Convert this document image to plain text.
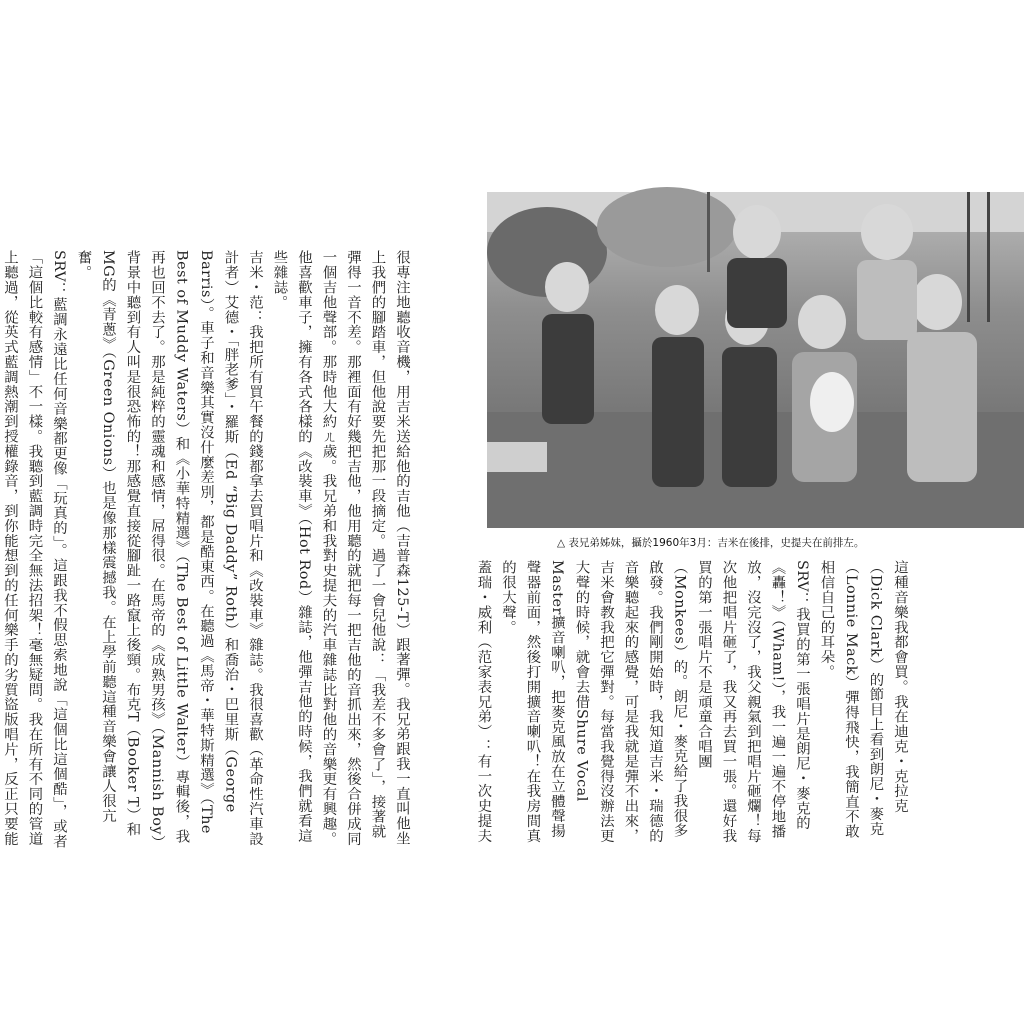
很專注地聽收音機，用吉米送給他的吉他（吉普森125-T）跟著彈。我兄弟跟我一直叫他坐上我們的腳踏車，但他說要先把那一段摘定。過了一會兒他說：「我差不多會了」，接著就彈得一音不差。那裡面有好幾把吉他，他用聽的就把每一把吉他的音抓出來，然後合併成同一個吉他聲部。那時他大約ㄦ歲。我兄弟和我對史提夫的汽車雜誌比對他的音樂更有興趣。他喜歡車子，擁有各式各樣的《改裝車》（Hot Rod）雜誌，他彈吉他的時候，我們就看這些雜誌。

吉米・范：我把所有買午餐的錢都拿去買唱片和《改裝車》雜誌。我很喜歡（革命性汽車設計者）艾德・「胖老爹」・羅斯（Ed “Big Daddy” Roth）和喬治・巴里斯（George Barris）。車子和音樂其實沒什麼差別，都是酷東西。在聽過《馬帝・華特斯精選》（The Best of Muddy Waters）和《小華特精選》（The Best of Little Walter）專輯後，我再也回不去了。那是純粹的靈魂和感情，屌得很。在馬帝的《成熟男孩》（Mannish Boy）背景中聽到有人叫是很恐怖的！那感覺直接從腳趾一路竄上後頸。布克T（Booker T）和MG的《青蔥》（Green Onions）也是像那樣震撼我。在上學前聽這種音樂會讓人很亢奮。

SRV：藍調永遠比任何音樂都更像「玩真的」。這跟我不假思索地說「這個比這個酷」，或者「這個比較有感情」不一樣。我聽到藍調時完全無法招架！毫無疑問。我在所有不同的管道上聽過，從英式藍調熱潮到授權錄音，到你能想到的任何樂手的劣質盜版唱片，反正只要能

△ 表兄弟姊妹，攝於1960年3月：吉米在後排，史提夫在前排左。

這種音樂我都會買。我在迪克・克拉克（Dick Clark）的節目上看到朗尼・麥克（Lonnie Mack）彈得飛快，我簡直不敢相信自己的耳朵。

SRV：我買的第一張唱片是朗尼・麥克的《轟！》（Wham!），我一遍一遍不停地播放，沒完沒了，我父親氣到把唱片砸爛！每次他把唱片砸了，我又再去買一張。還好我買的第一張唱片不是頑童合唱團（Monkees）的。朗尼・麥克給了我很多啟發。我們剛開始時，我知道吉米・瑞德的音樂聽起來的感覺，可是我就是彈不出來，吉米會教我把它彈對。每當我覺得沒辦法更大聲的時候，就會去借Shure Vocal Master擴音喇叭，把麥克風放在立體聲揚聲器前面，然後打開擴音喇叭！在我房間真的很大聲。

蓋瑞・威利（范家表兄弟）：有一次史提夫
